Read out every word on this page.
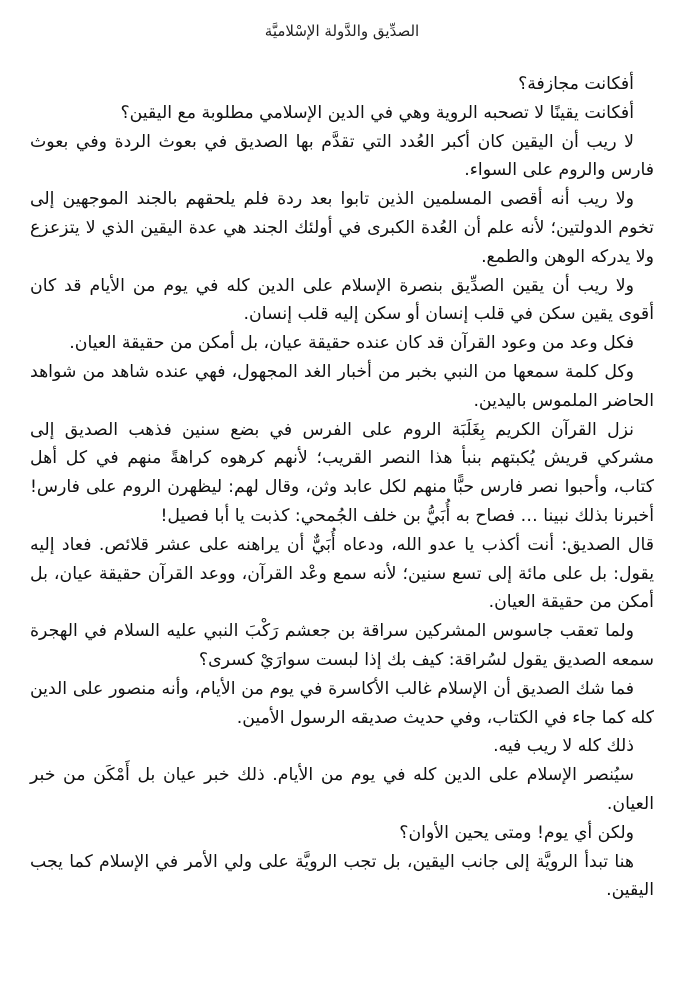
الصدِّيق والدَّولة الإسْلاميَّة

أفكانت مجازفة؟

أفكانت يقينًا لا تصحبه الروية وهي في الدين الإسلامي مطلوبة مع اليقين؟

لا ريب أن اليقين كان أكبر العُدد التي تقدَّم بها الصديق في بعوث الردة وفي بعوث فارس والروم على السواء.

ولا ريب أنه أقصى المسلمين الذين تابوا بعد ردة فلم يلحقهم بالجند الموجهين إلى تخوم الدولتين؛ لأنه علم أن العُدة الكبرى في أولئك الجند هي عدة اليقين الذي لا يتزعزع ولا يدركه الوهن والطمع.

ولا ريب أن يقين الصدِّيق بنصرة الإسلام على الدين كله في يوم من الأيام قد كان أقوى يقين سكن في قلب إنسان أو سكن إليه قلب إنسان.

فكل وعد من وعود القرآن قد كان عنده حقيقة عيان، بل أمكن من حقيقة العيان.

وكل كلمة سمعها من النبي بخبر من أخبار الغد المجهول، فهي عنده شاهد من شواهد الحاضر الملموس باليدين.

نزل القرآن الكريم بِغَلَبَة الروم على الفرس في بضع سنين فذهب الصديق إلى مشركي قريش يُكبتهم بنبأ هذا النصر القريب؛ لأنهم كرهوه كراهةً منهم في كل أهل كتاب، وأحبوا نصر فارس حبًّا منهم لكل عابد وثن، وقال لهم: ليظهرن الروم على فارس! أخبرنا بذلك نبينا … فصاح به أُبَيُّ بن خلف الجُمحي: كذبت يا أبا فصيل!

قال الصديق: أنت أكذب يا عدو الله، ودعاه أُبَيٌّ أن يراهنه على عشر قلائص. فعاد إليه يقول: بل على مائة إلى تسع سنين؛ لأنه سمع وعْد القرآن، ووعد القرآن حقيقة عيان، بل أمكن من حقيقة العيان.

ولما تعقب جاسوس المشركين سراقة بن جعشم رَكْبَ النبي عليه السلام في الهجرة سمعه الصديق يقول لسُراقة: كيف بك إذا لبست سوارَيْ كسرى؟

فما شك الصديق أن الإسلام غالب الأكاسرة في يوم من الأيام، وأنه منصور على الدين كله كما جاء في الكتاب، وفي حديث صديقه الرسول الأمين.

ذلك كله لا ريب فيه.

سيُنصر الإسلام على الدين كله في يوم من الأيام. ذلك خبر عيان بل أَمْكَن من خبر العيان.

ولكن أي يوم! ومتى يحين الأوان؟

هنا تبدأ الرويَّة إلى جانب اليقين، بل تجب الرويَّة على ولي الأمر في الإسلام كما يجب اليقين.
